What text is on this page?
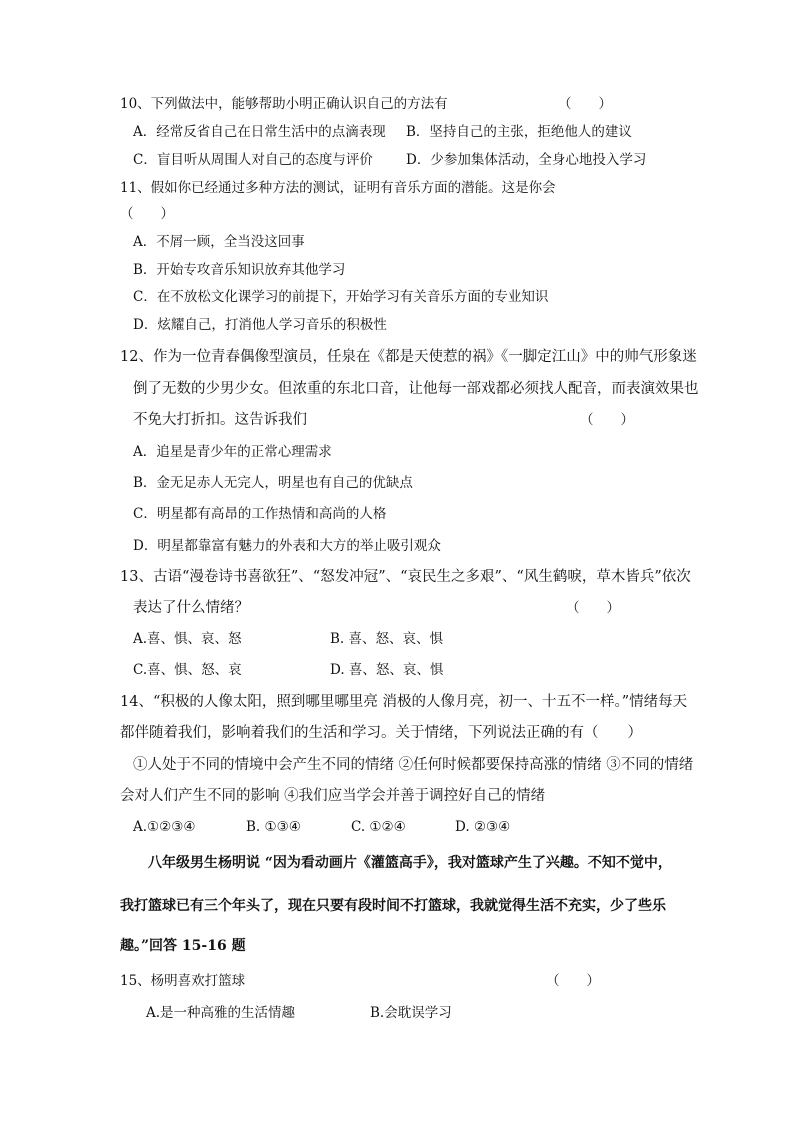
10、下列做法中，能够帮助小明正确认识自己的方法有	（　　）
A．经常反省自己在日常生活中的点滴表现 B．坚持自己的主张，拒绝他人的建议
C．盲目听从周围人对自己的态度与评价 D．少参加集体活动，全身心地投入学习
11、假如你已经通过多种方法的测试，证明有音乐方面的潜能。这是你会
（　　）
A．不屑一顾，全当没这回事
B．开始专攻音乐知识放弃其他学习
C．在不放松文化课学习的前提下，开始学习有关音乐方面的专业知识
D．炫耀自己，打消他人学习音乐的积极性
12、作为一位青春偶像型演员，任泉在《都是天使惹的祸》《一脚定江山》中的帅气形象迷
倒了无数的少男少女。但浓重的东北口音，让他每一部戏都必须找人配音，而表演效果也
不免大打折扣。这告诉我们	（　　）
A．追星是青少年的正常心理需求
B．金无足赤人无完人，明星也有自己的优缺点
C．明星都有高昂的工作热情和高尚的人格
D．明星都靠富有魅力的外表和大方的举止吸引观众
13、古语“漫卷诗书喜欲狂”、“怒发冲冠”、“哀民生之多艰”、“风生鹤唳，草木皆兵”依次
表达了什么情绪？	（　　）
A.喜、惧、哀、怒	B. 喜、怒、哀、惧
C.喜、惧、怒、哀	D. 喜、怒、哀、惧
14、“积极的人像太阳，照到哪里哪里亮 消极的人像月亮，初一、十五不一样。”情绪每天
都伴随着我们，影响着我们的生活和学习。关于情绪，下列说法正确的有（　　）
①人处于不同的情境中会产生不同的情绪 ②任何时候都要保持高涨的情绪 ③不同的情绪
会对人们产生不同的影响 ④我们应当学会并善于调控好自己的情绪
A.①②③④	B. ①③④	C. ①②④	D. ②③④
八年级男生杨明说 “因为看动画片《灌篮高手》，我对篮球产生了兴趣。不知不觉中，
我打篮球已有三个年头了，现在只要有段时间不打篮球，我就觉得生活不充实，少了些乐
趣。”回答 15-16 题
15、杨明喜欢打篮球	（　　）
A.是一种高雅的生活情趣	B.会耽误学习
